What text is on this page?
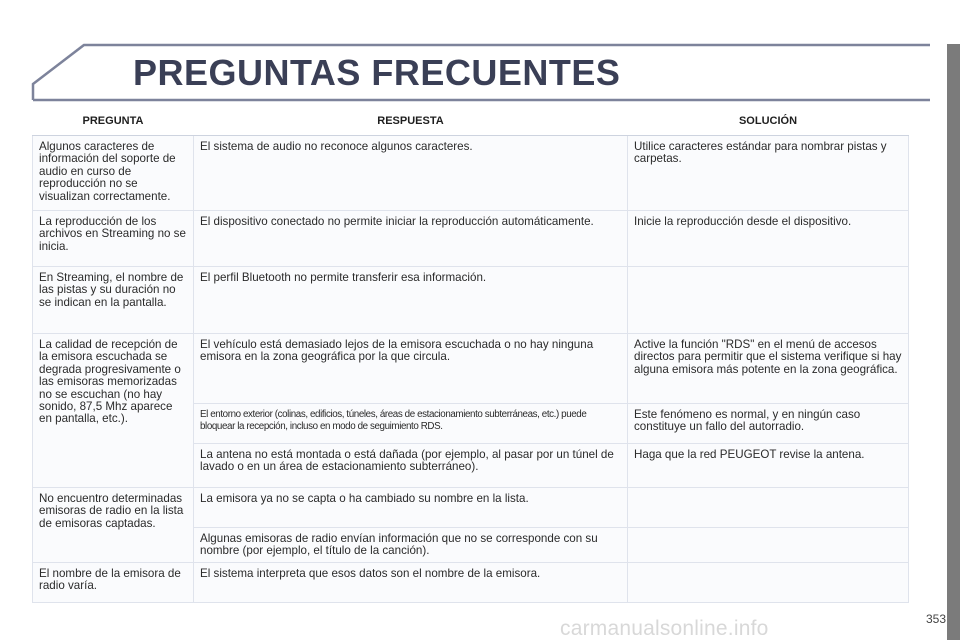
PREGUNTAS FRECUENTES
PREGUNTA	RESPUESTA	SOLUCIÓN
Algunos caracteres de información del soporte de audio en curso de reproducción no se visualizan correctamente.	El sistema de audio no reconoce algunos caracteres.	Utilice caracteres estándar para nombrar pistas y carpetas.
La reproducción de los archivos en Streaming no se inicia.	El dispositivo conectado no permite iniciar la reproducción automáticamente.	Inicie la reproducción desde el dispositivo.
En Streaming, el nombre de las pistas y su duración no se indican en la pantalla.	El perfil Bluetooth no permite transferir esa información.	
La calidad de recepción de la emisora escuchada se degrada progresivamente o las emisoras memorizadas no se escuchan (no hay sonido, 87,5 Mhz aparece en pantalla, etc.).	El vehículo está demasiado lejos de la emisora escuchada o no hay ninguna emisora en la zona geográfica por la que circula.	Active la función "RDS" en el menú de accesos directos para permitir que el sistema verifique si hay alguna emisora más potente en la zona geográfica.
	El entorno exterior (colinas, edificios, túneles, áreas de estacionamiento subterráneas, etc.) puede bloquear la recepción, incluso en modo de seguimiento RDS.	Este fenómeno es normal, y en ningún caso constituye un fallo del autorradio.
	La antena no está montada o está dañada (por ejemplo, al pasar por un túnel de lavado o en un área de estacionamiento subterráneo).	Haga que la red PEUGEOT revise la antena.
No encuentro determinadas emisoras de radio en la lista de emisoras captadas.	La emisora ya no se capta o ha cambiado su nombre en la lista.	
	Algunas emisoras de radio envían información que no se corresponde con su nombre (por ejemplo, el título de la canción).	
El nombre de la emisora de radio varía.	El sistema interpreta que esos datos son el nombre de la emisora.	
carmanualsonline.info	353
